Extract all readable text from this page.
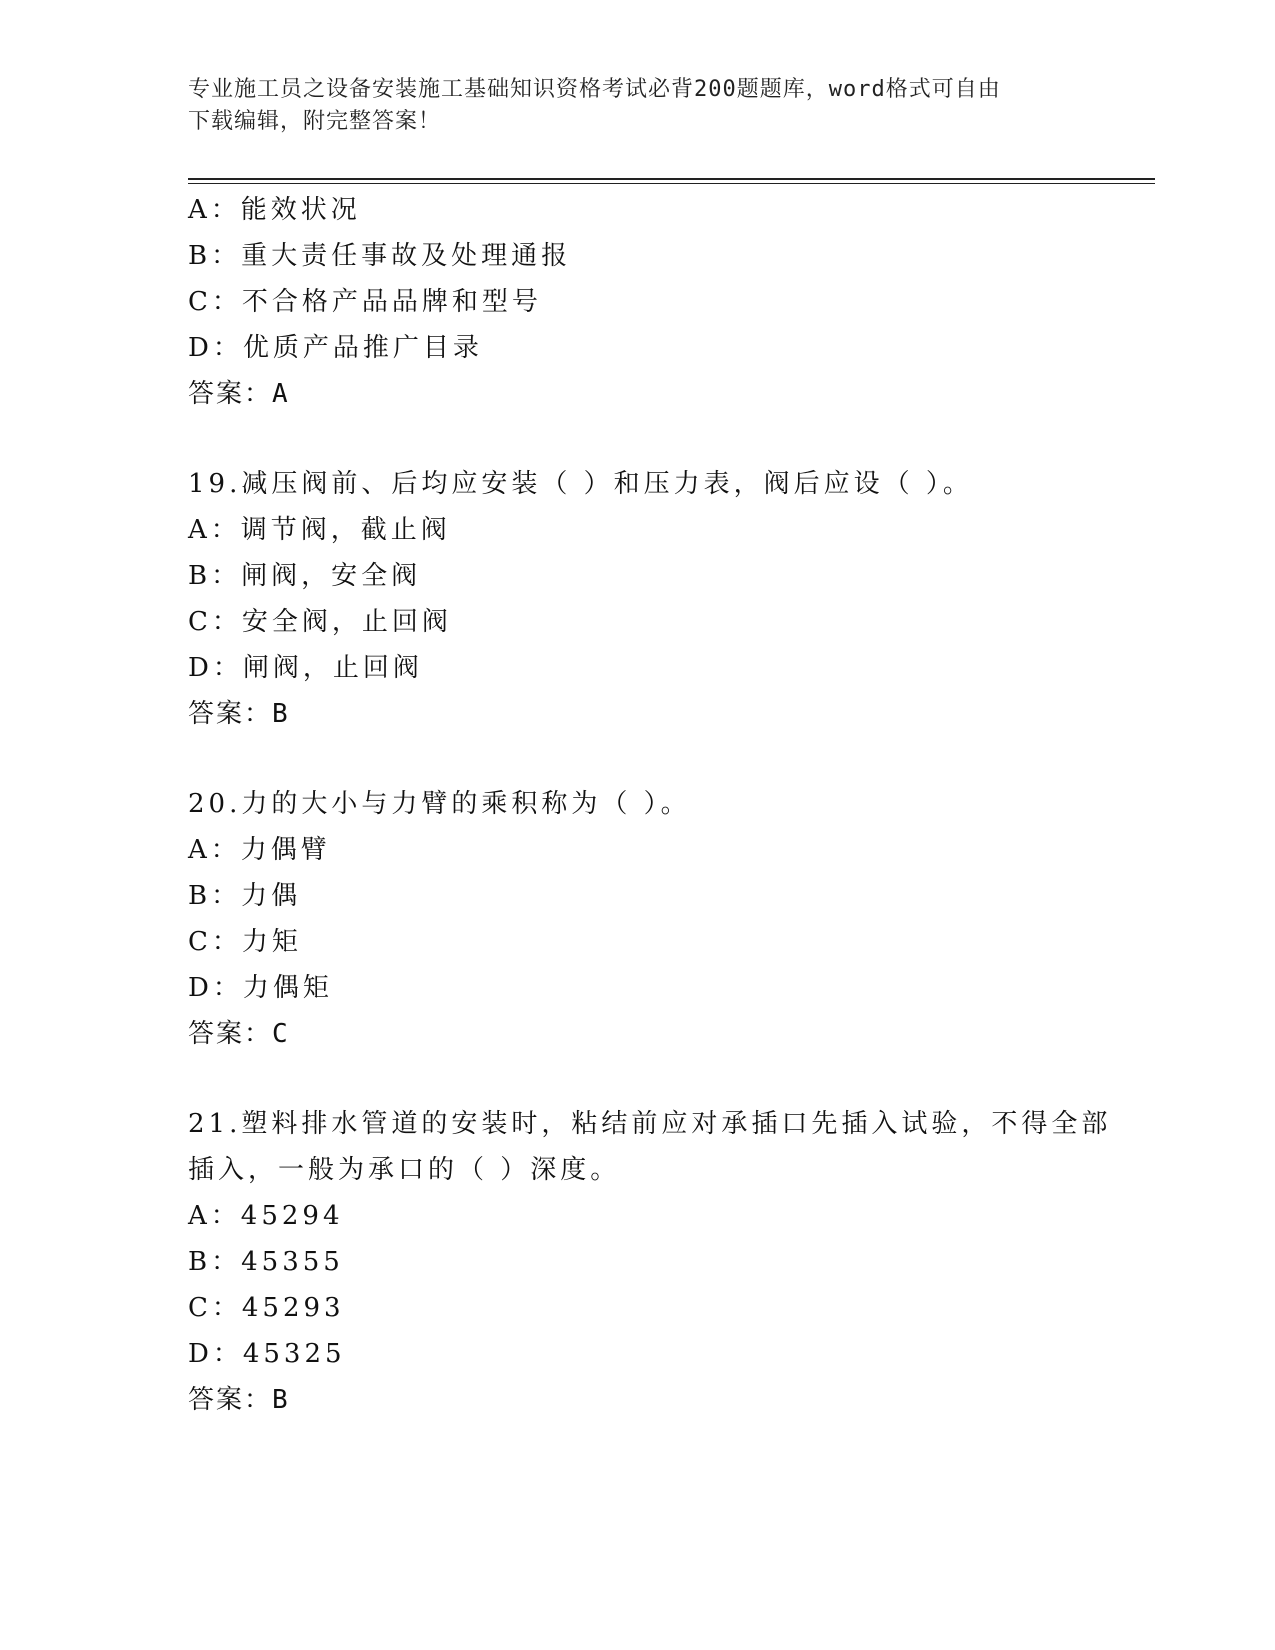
专业施工员之设备安装施工基础知识资格考试必背200题题库，word格式可自由
下载编辑，附完整答案！
A：能效状况
B：重大责任事故及处理通报
C：不合格产品品牌和型号
D：优质产品推广目录
答案：A
19.减压阀前、后均应安装（ ）和压力表，阀后应设（ ）。
A：调节阀，截止阀
B：闸阀，安全阀
C：安全阀，止回阀
D：闸阀，止回阀
答案：B
20.力的大小与力臂的乘积称为（ ）。
A：力偶臂
B：力偶
C：力矩
D：力偶矩
答案：C
21.塑料排水管道的安装时，粘结前应对承插口先插入试验，不得全部
插入，一般为承口的（ ）深度。
A：45294
B：45355
C：45293
D：45325
答案：B
